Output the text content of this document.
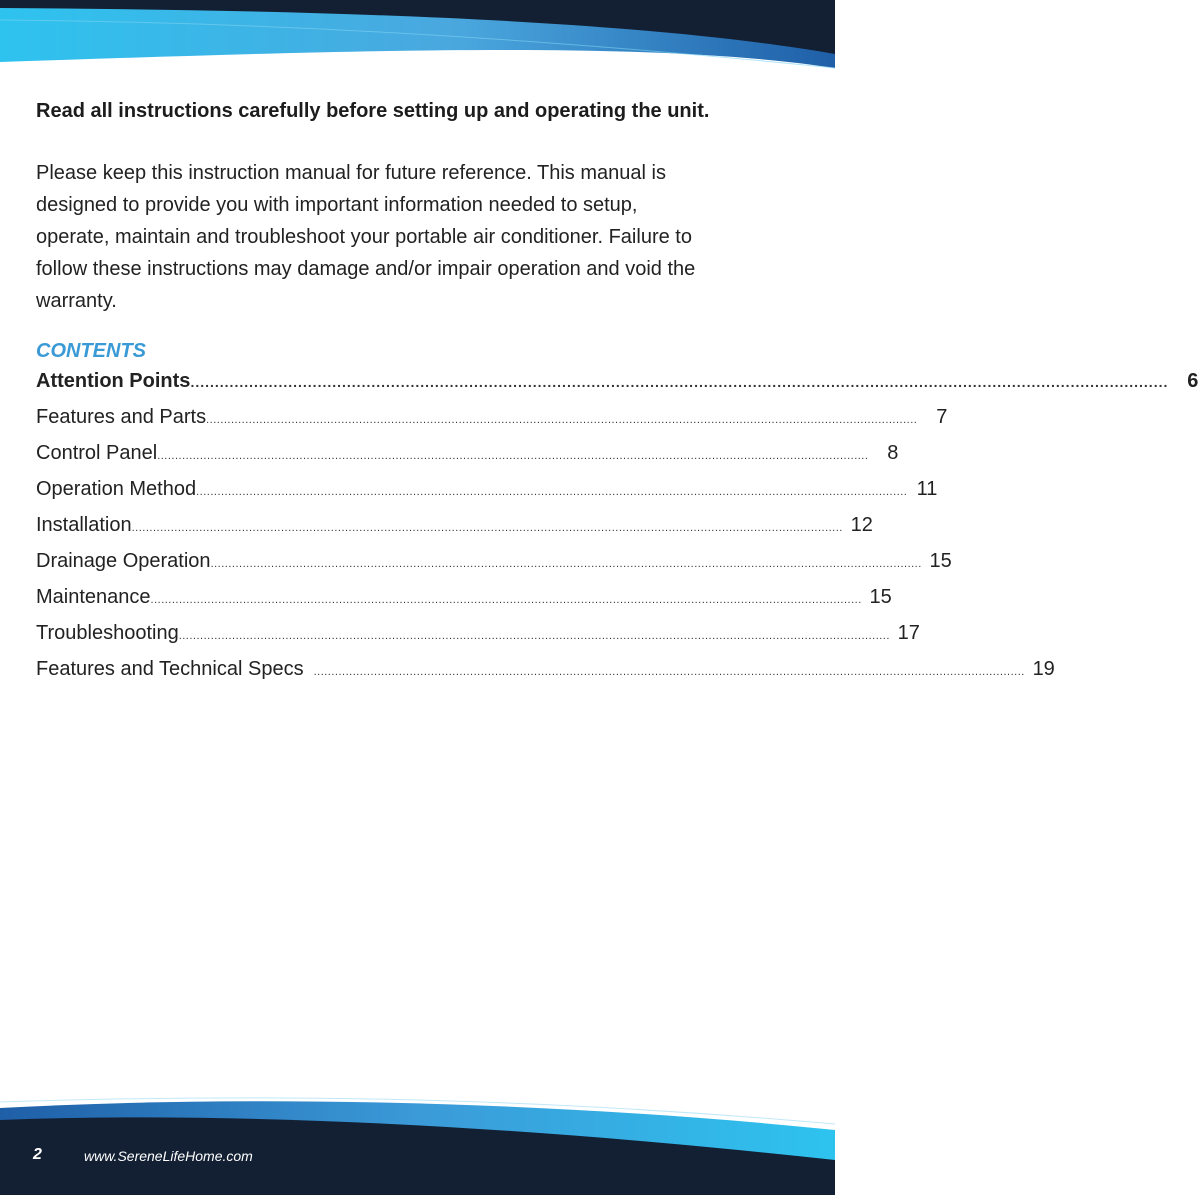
Read all instructions carefully before setting up and operating the unit.
Please keep this instruction manual for future reference. This manual is
designed to provide you with important information needed to setup,
operate, maintain and troubleshoot your portable air conditioner. Failure to
follow these instructions may damage and/or impair operation and void the
warranty.
CONTENTS
Attention Points ........................................................................................................................................................................................................ 6
Features and Parts ........................................................................................................................................................................................................ 7
Control Panel ........................................................................................................................................................................................................ 8
Operation Method ........................................................................................................................................................................................................ 11
Installation ........................................................................................................................................................................................................ 12
Drainage Operation ........................................................................................................................................................................................................ 15
Maintenance ........................................................................................................................................................................................................ 15
Troubleshooting ........................................................................................................................................................................................................ 17
Features and Technical Specs ........................................................................................................................................................................................................ 19
2	www.SereneLifeHome.com
